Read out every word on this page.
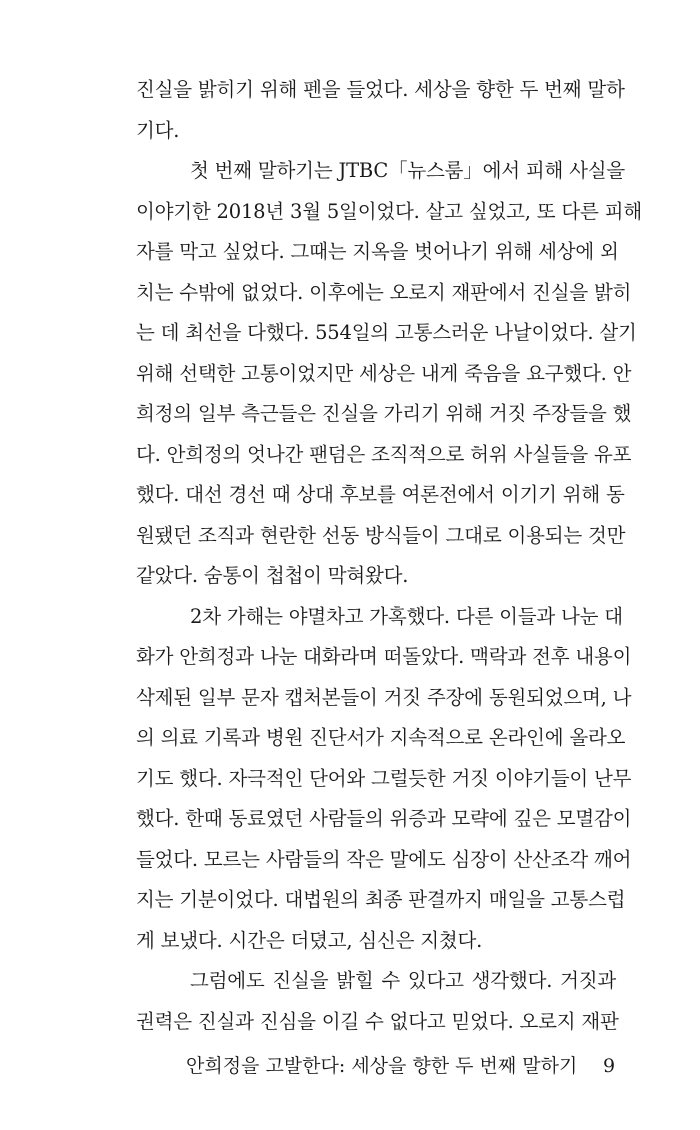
진실을 밝히기 위해 펜을 들었다. 세상을 향한 두 번째 말하
기다.
첫 번째 말하기는 JTBC「뉴스룸」에서 피해 사실을
이야기한 2018년 3월 5일이었다. 살고 싶었고, 또 다른 피해
자를 막고 싶었다. 그때는 지옥을 벗어나기 위해 세상에 외
치는 수밖에 없었다. 이후에는 오로지 재판에서 진실을 밝히
는 데 최선을 다했다. 554일의 고통스러운 나날이었다. 살기
위해 선택한 고통이었지만 세상은 내게 죽음을 요구했다. 안
희정의 일부 측근들은 진실을 가리기 위해 거짓 주장들을 했
다. 안희정의 엇나간 팬덤은 조직적으로 허위 사실들을 유포
했다. 대선 경선 때 상대 후보를 여론전에서 이기기 위해 동
원됐던 조직과 현란한 선동 방식들이 그대로 이용되는 것만
같았다. 숨통이 첩첩이 막혀왔다.
2차 가해는 야멸차고 가혹했다. 다른 이들과 나눈 대
화가 안희정과 나눈 대화라며 떠돌았다. 맥락과 전후 내용이
삭제된 일부 문자 캡처본들이 거짓 주장에 동원되었으며, 나
의 의료 기록과 병원 진단서가 지속적으로 온라인에 올라오
기도 했다. 자극적인 단어와 그럴듯한 거짓 이야기들이 난무
했다. 한때 동료였던 사람들의 위증과 모략에 깊은 모멸감이
들었다. 모르는 사람들의 작은 말에도 심장이 산산조각 깨어
지는 기분이었다. 대법원의 최종 판결까지 매일을 고통스럽
게 보냈다. 시간은 더뎠고, 심신은 지쳤다.
그럼에도 진실을 밝힐 수 있다고 생각했다. 거짓과
권력은 진실과 진심을 이길 수 없다고 믿었다. 오로지 재판
안희정을 고발한다: 세상을 향한 두 번째 말하기 9
